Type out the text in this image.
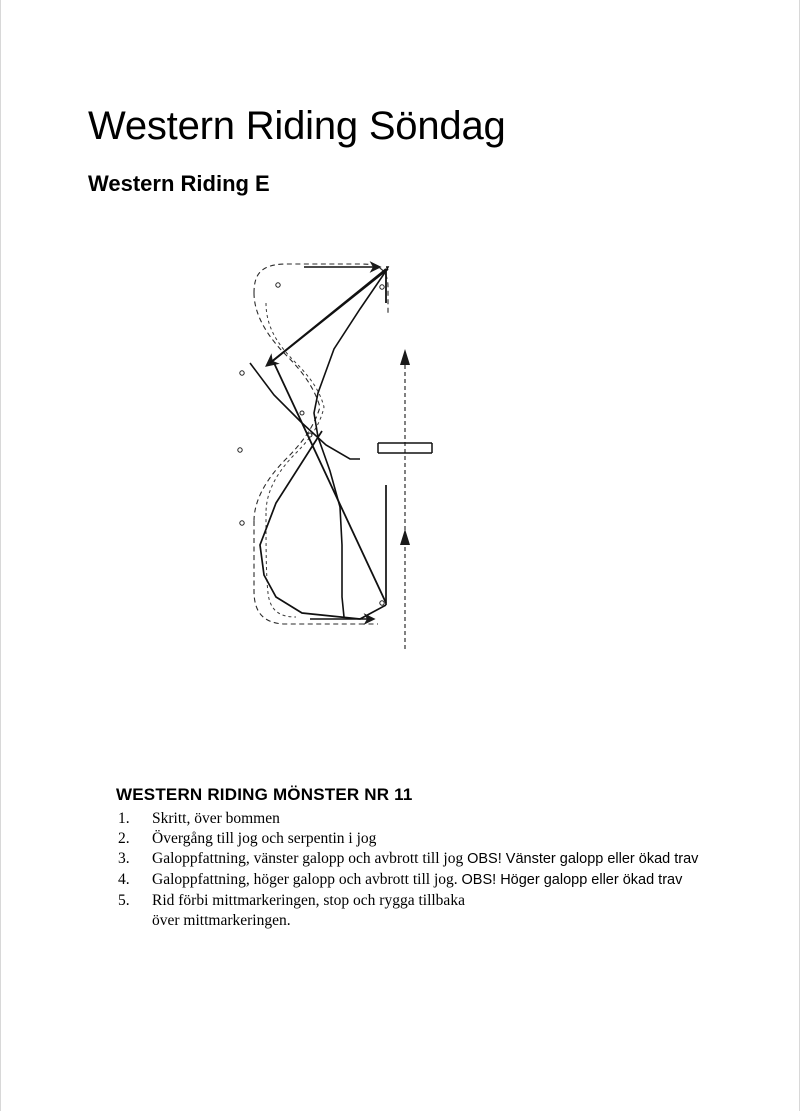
Western Riding Söndag
Western Riding E
WESTERN RIDING MÖNSTER NR 11
1.	Skritt, över bommen
2.	Övergång till jog och serpentin i jog
3.	Galoppfattning, vänster galopp och avbrott till jog OBS! Vänster galopp eller ökad trav
4.	Galoppfattning, höger galopp och avbrott till jog. OBS! Höger galopp eller ökad trav
5.	Rid förbi mittmarkeringen, stop och rygga tillbaka
över mittmarkeringen.
